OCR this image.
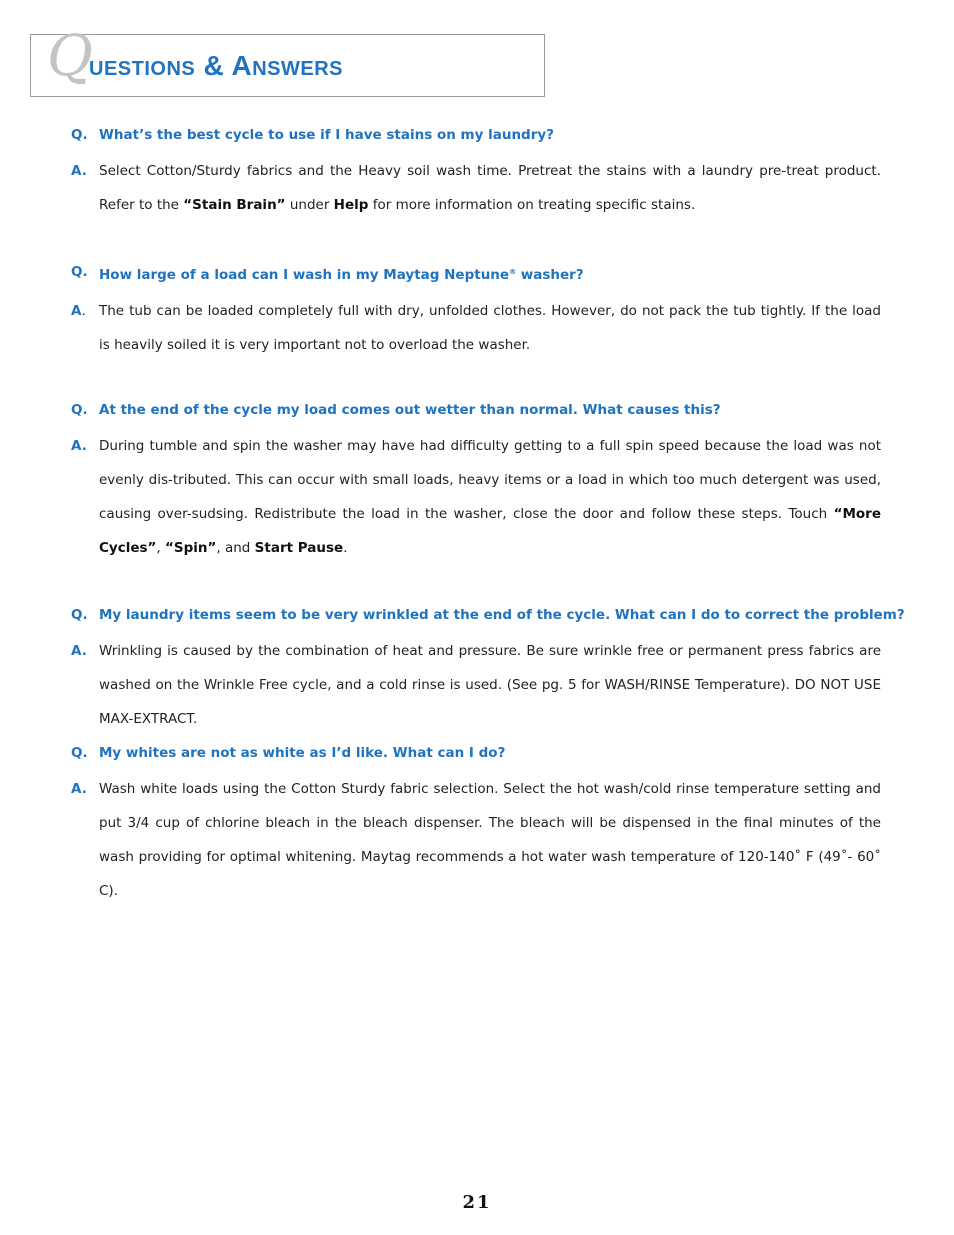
Q
uestions & Answers
Q. What’s the best cycle to use if I have stains on my laundry?
A. Select Cotton/Sturdy fabrics and the Heavy soil wash time. Pretreat the stains with a laundry pre-treat product. Refer to the “Stain Brain” under Help for more information on treating specific stains.
Q. How large of a load can I wash in my Maytag Neptune® washer?
A. The tub can be loaded completely full with dry, unfolded clothes. However, do not pack the tub tightly. If the load is heavily soiled it is very important not to overload the washer.
Q. At the end of the cycle my load comes out wetter than normal. What causes this?
A. During tumble and spin the washer may have had difficulty getting to a full spin speed because the load was not evenly dis-tributed. This can occur with small loads, heavy items or a load in which too much detergent was used, causing over-sudsing. Redistribute the load in the washer, close the door and follow these steps. Touch “More Cycles”, “Spin”, and Start Pause.
Q. My laundry items seem to be very wrinkled at the end of the cycle. What can I do to correct the problem?
A. Wrinkling is caused by the combination of heat and pressure. Be sure wrinkle free or permanent press fabrics are washed on the Wrinkle Free cycle, and a cold rinse is used. (See pg. 5 for WASH/RINSE Temperature). DO NOT USE MAX-EXTRACT.
Q. My whites are not as white as I’d like. What can I do?
A. Wash white loads using the Cotton Sturdy fabric selection. Select the hot wash/cold rinse temperature setting and put 3/4 cup of chlorine bleach in the bleach dispenser. The bleach will be dispensed in the final minutes of the wash providing for optimal whitening. Maytag recommends a hot water wash temperature of 120-140˚ F (49˚- 60˚ C).
21
